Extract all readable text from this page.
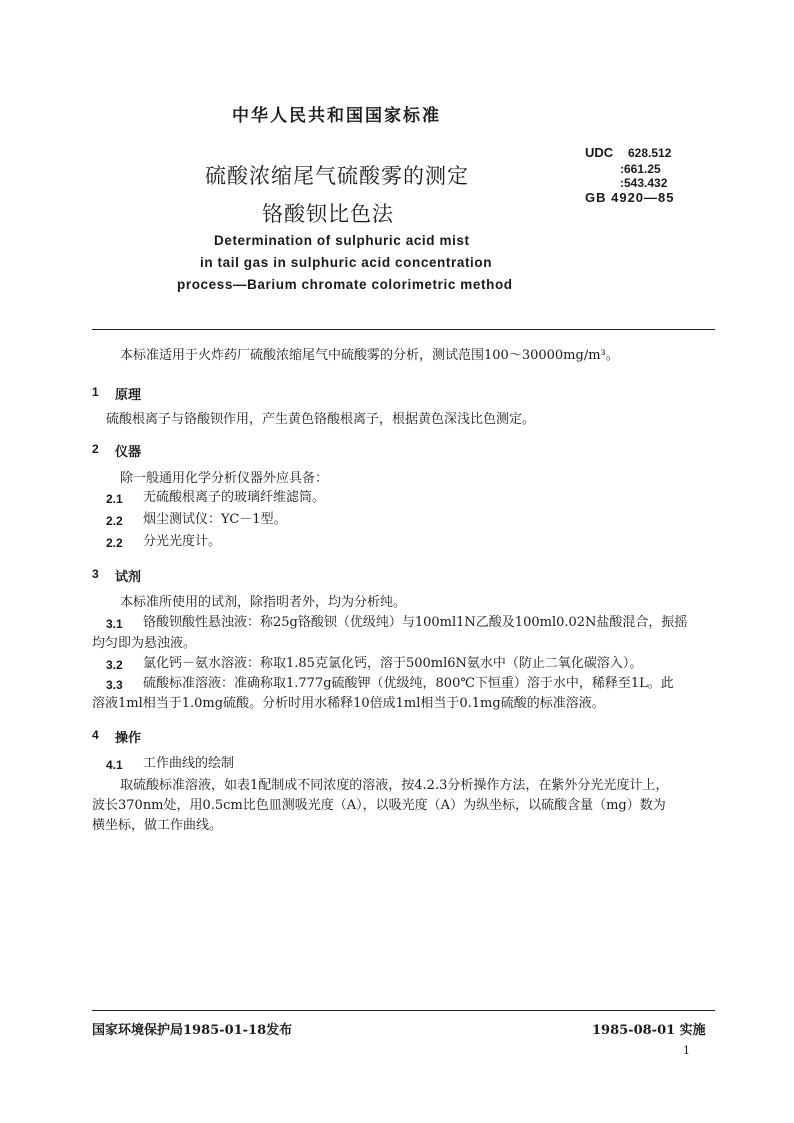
中华人民共和国国家标准
硫酸浓缩尾气硫酸雾的测定
铬酸钡比色法
Determination of sulphuric acid mist
in tail gas in sulphuric acid concentration
process—Barium chromate colorimetric method
UDC 628.512
:661.25
:543.432
GB 4920—85
本标准适用于火炸药厂硫酸浓缩尾气中硫酸雾的分析，测试范围100～30000mg/m³。
1 原理
硫酸根离子与铬酸钡作用，产生黄色铬酸根离子，根据黄色深浅比色测定。
2 仪器
除一般通用化学分析仪器外应具备：
2.1 无硫酸根离子的玻璃纤维滤筒。
2.2 烟尘测试仪：YC－1型。
2.2 分光光度计。
3 试剂
本标准所使用的试剂，除指明者外，均为分析纯。
3.1 铬酸钡酸性悬浊液：称25g铬酸钡（优级纯）与100ml1N乙酸及100ml0.02N盐酸混合，振摇
均匀即为悬浊液。
3.2 氯化钙－氨水溶液：称取1.85克氯化钙，溶于500ml6N氨水中（防止二氧化碳溶入）。
3.3 硫酸标准溶液：准确称取1.777g硫酸钾（优级纯，800℃下恒重）溶于水中，稀释至1L。此
溶液1ml相当于1.0mg硫酸。分析时用水稀释10倍成1ml相当于0.1mg硫酸的标准溶液。
4 操作
4.1 工作曲线的绘制
取硫酸标准溶液，如表1配制成不同浓度的溶液，按4.2.3分析操作方法，在紫外分光光度计上，
波长370nm处，用0.5cm比色皿测吸光度（A），以吸光度（A）为纵坐标，以硫酸含量（mg）数为
横坐标，做工作曲线。
国家环境保护局1985-01-18发布	1985-08-01 实施
1
